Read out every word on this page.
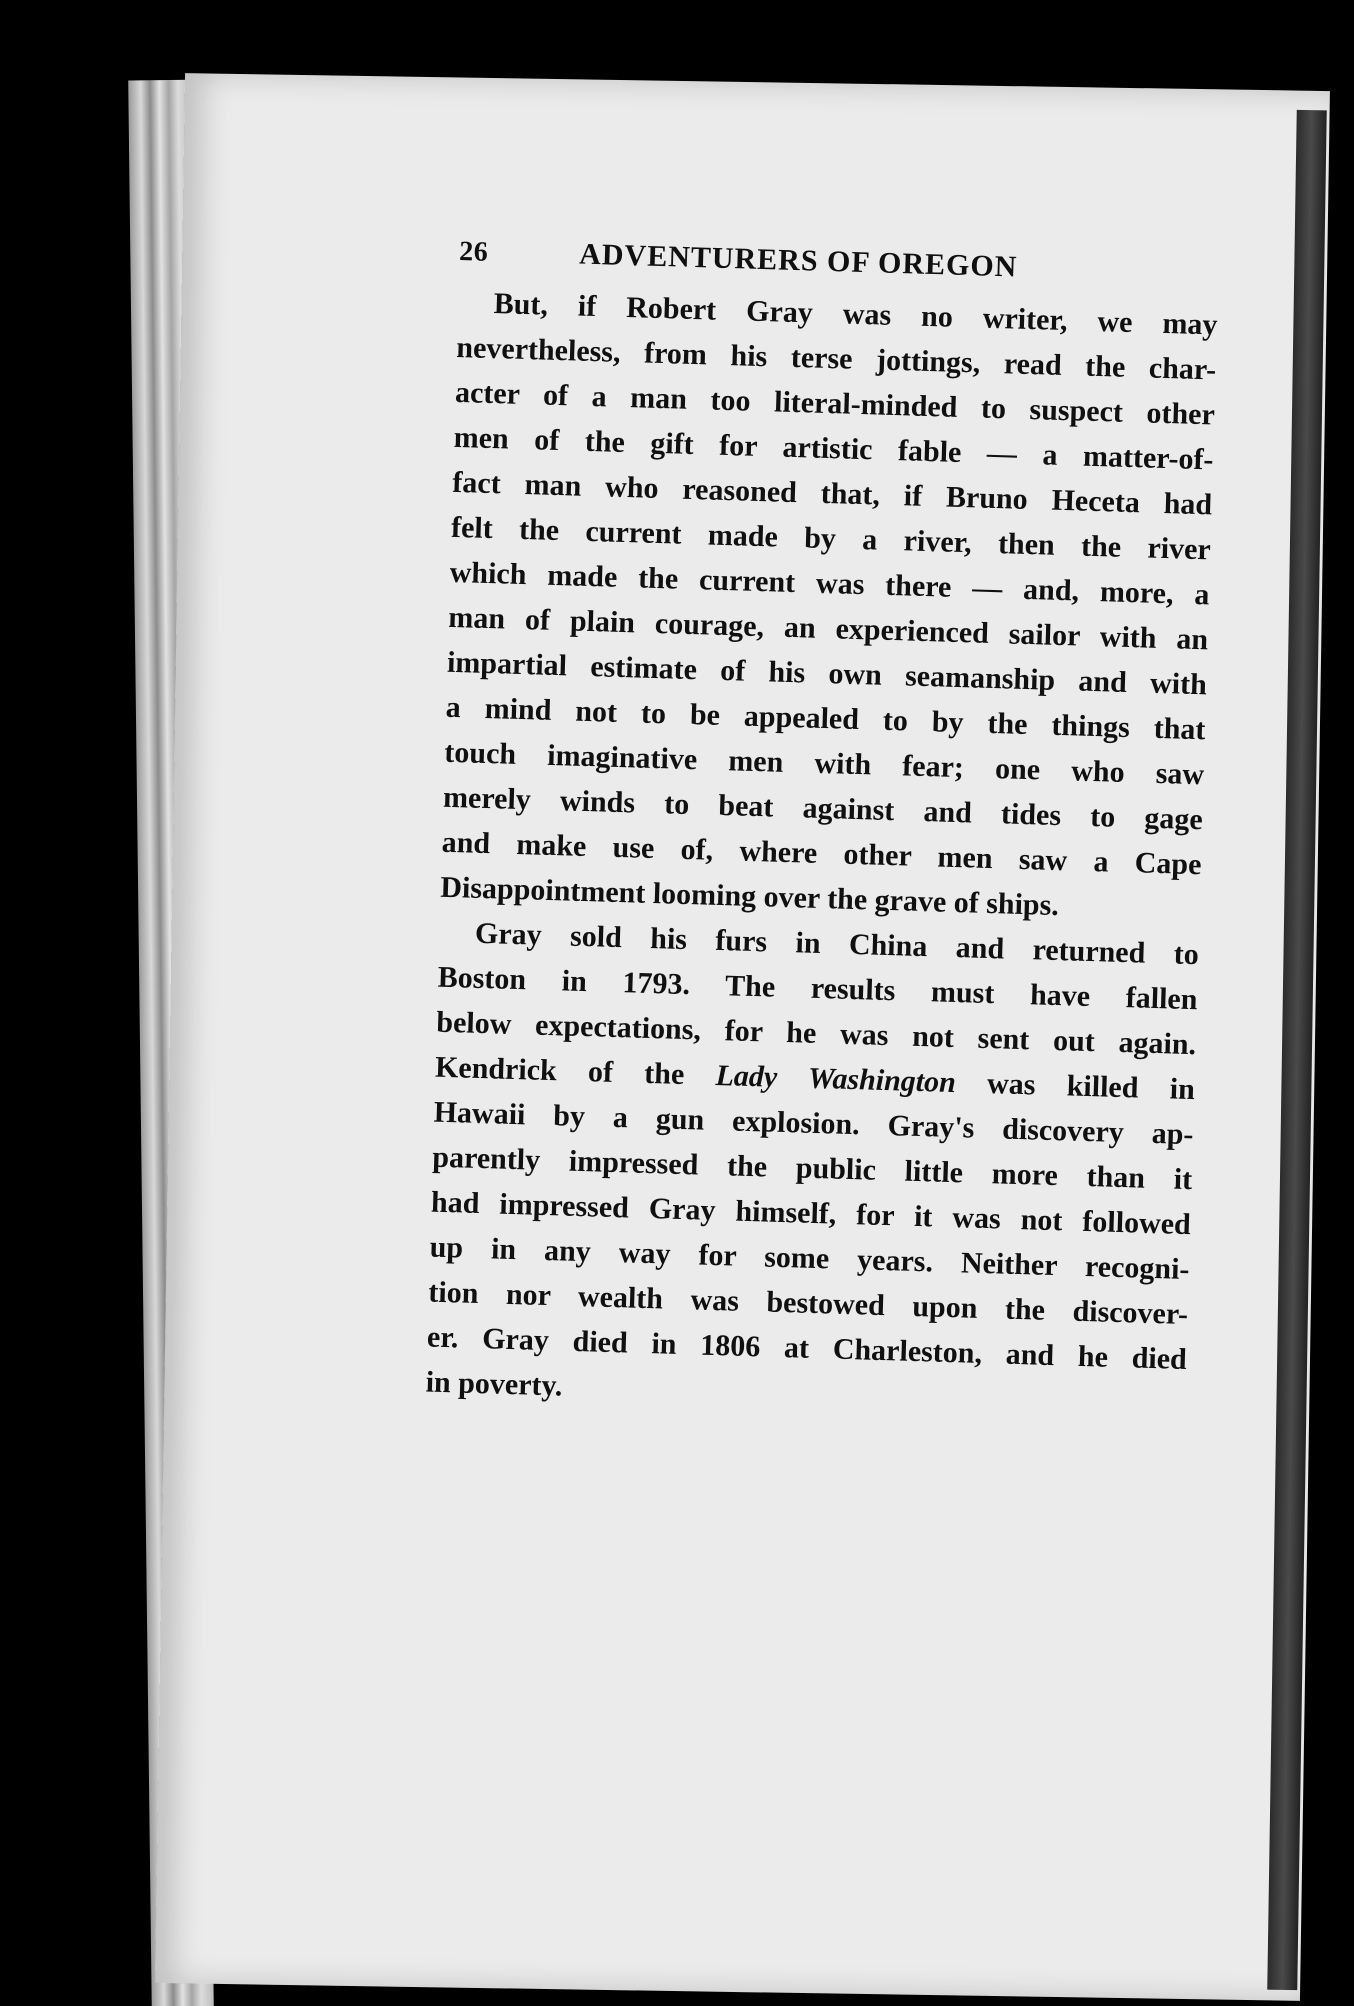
26	ADVENTURERS OF OREGON
But, if Robert Gray was no writer, we may
nevertheless, from his terse jottings, read the char-
acter of a man too literal-minded to suspect other
men of the gift for artistic fable — a matter-of-
fact man who reasoned that, if Bruno Heceta had
felt the current made by a river, then the river
which made the current was there — and, more, a
man of plain courage, an experienced sailor with an
impartial estimate of his own seamanship and with
a mind not to be appealed to by the things that
touch imaginative men with fear; one who saw
merely winds to beat against and tides to gage
and make use of, where other men saw a Cape
Disappointment looming over the grave of ships.
Gray sold his furs in China and returned to
Boston in 1793. The results must have fallen
below expectations, for he was not sent out again.
Kendrick of the Lady Washington was killed in
Hawaii by a gun explosion. Gray's discovery ap-
parently impressed the public little more than it
had impressed Gray himself, for it was not followed
up in any way for some years. Neither recogni-
tion nor wealth was bestowed upon the discover-
er. Gray died in 1806 at Charleston, and he died
in poverty.
